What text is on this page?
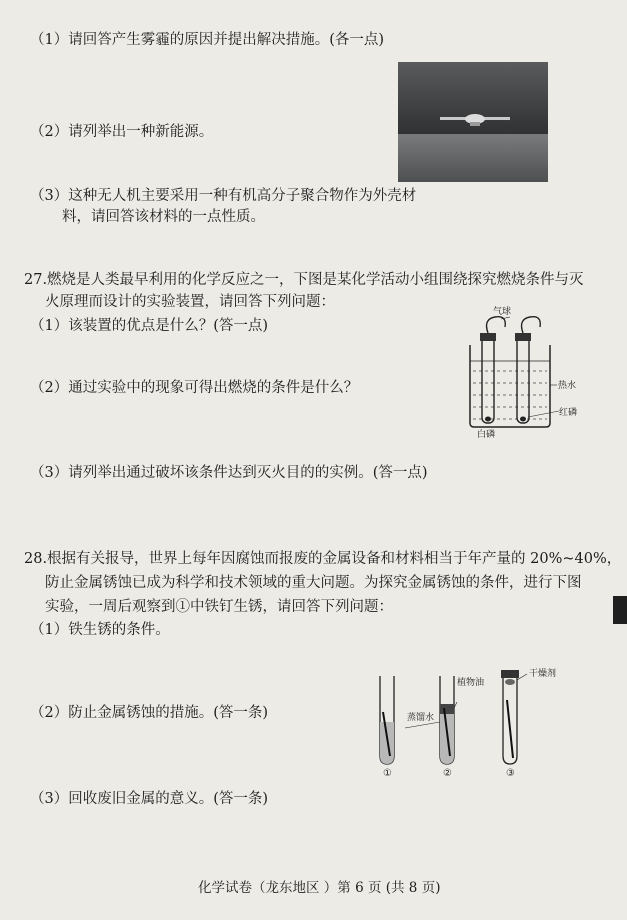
（1）请回答产生雾霾的原因并提出解决措施。(各一点)
（2）请列举出一种新能源。
（3）这种无人机主要采用一种有机高分子聚合物作为外壳材
料，请回答该材料的一点性质。
27.燃烧是人类最早利用的化学反应之一，下图是某化学活动小组围绕探究燃烧条件与灭
火原理而设计的实验装置，请回答下列问题：
（1）该装置的优点是什么？(答一点)
（2）通过实验中的现象可得出燃烧的条件是什么？
（3）请列举出通过破坏该条件达到灭火目的的实例。(答一点)
气球
热水
红磷
白磷
28.根据有关报导，世界上每年因腐蚀而报废的金属设备和材料相当于年产量的 20%~40%，
防止金属锈蚀已成为科学和技术领域的重大问题。为探究金属锈蚀的条件，进行下图
实验，一周后观察到①中铁钉生锈，请回答下列问题：
（1）铁生锈的条件。
（2）防止金属锈蚀的措施。(答一条)
（3）回收废旧金属的意义。(答一条)
植物油
蒸馏水
干燥剂
①	②	③
化学试卷（龙东地区 ）第 6 页 (共 8 页)
